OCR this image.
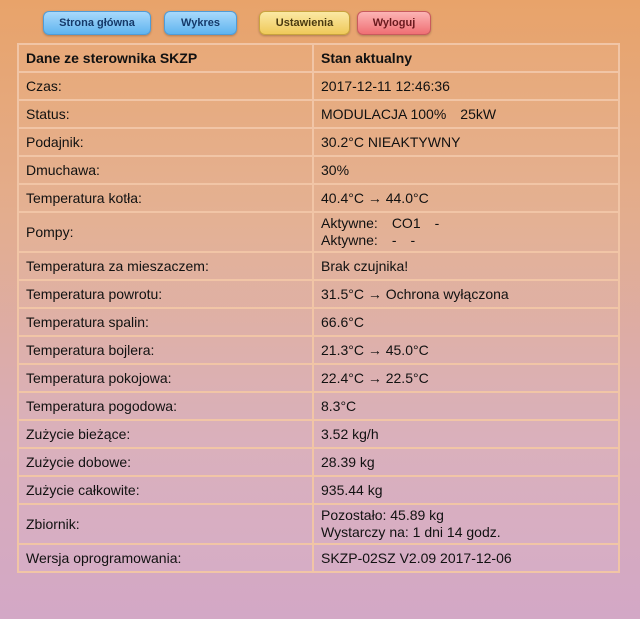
Strona główna	Wykres	Ustawienia	Wyloguj
Dane ze sterownika SKZP	Stan aktualny
Czas:	2017-12-11 12:46:36
Status:	MODULACJA 100% 25kW
Podajnik:	30.2°C NIEAKTYWNY
Dmuchawa:	30%
Temperatura kotła:	40.4°C → 44.0°C
Pompy:	Aktywne: CO1 -
Aktywne: - -

Temperatura za mieszaczem:	Brak czujnika!
Temperatura powrotu:	31.5°C → Ochrona wyłączona
Temperatura spalin:	66.6°C
Temperatura bojlera:	21.3°C → 45.0°C
Temperatura pokojowa:	22.4°C → 22.5°C
Temperatura pogodowa:	8.3°C
Zużycie bieżące:	3.52 kg/h
Zużycie dobowe:	28.39 kg
Zużycie całkowite:	935.44 kg
Zbiornik:	Pozostało: 45.89 kg
Wystarczy na: 1 dni 14 godz.

Wersja oprogramowania:	SKZP-02SZ V2.09 2017-12-06
